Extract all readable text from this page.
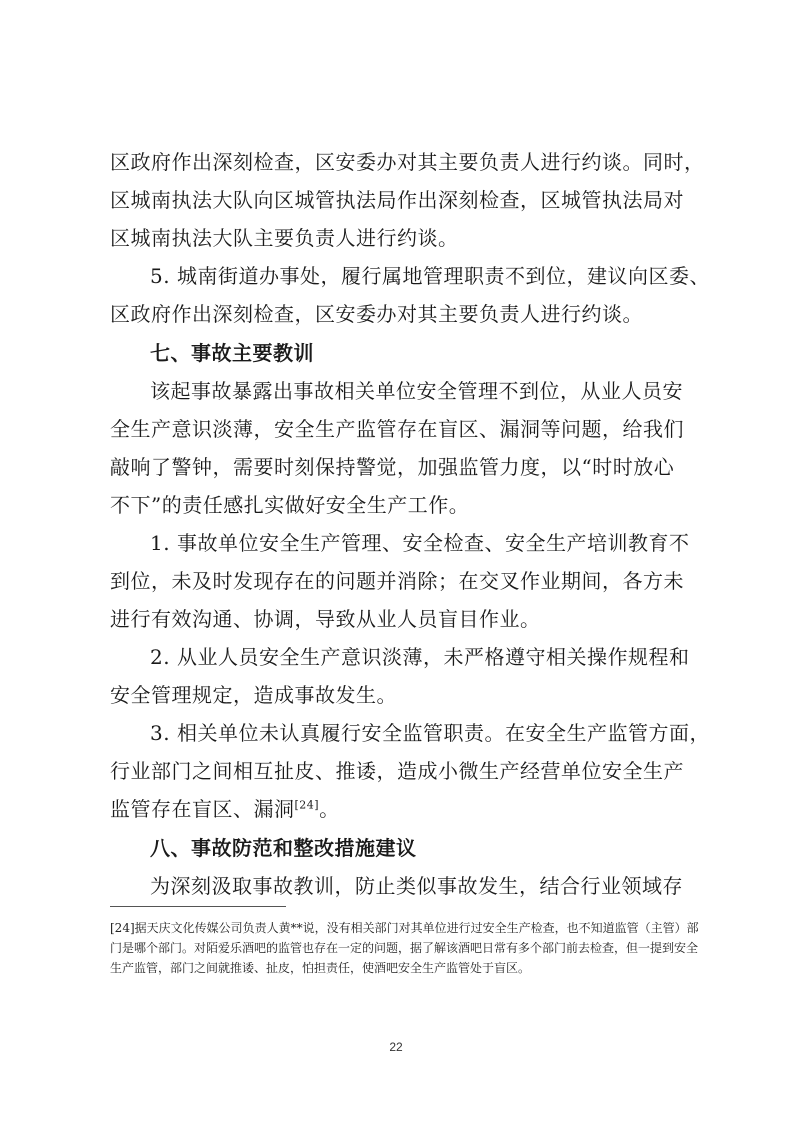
区政府作出深刻检查，区安委办对其主要负责人进行约谈。同时，
区城南执法大队向区城管执法局作出深刻检查，区城管执法局对
区城南执法大队主要负责人进行约谈。
5. 城南街道办事处，履行属地管理职责不到位，建议向区委、
区政府作出深刻检查，区安委办对其主要负责人进行约谈。
七、事故主要教训
该起事故暴露出事故相关单位安全管理不到位，从业人员安
全生产意识淡薄，安全生产监管存在盲区、漏洞等问题，给我们
敲响了警钟，需要时刻保持警觉，加强监管力度，以“时时放心
不下”的责任感扎实做好安全生产工作。
1. 事故单位安全生产管理、安全检查、安全生产培训教育不
到位，未及时发现存在的问题并消除；在交叉作业期间，各方未
进行有效沟通、协调，导致从业人员盲目作业。
2. 从业人员安全生产意识淡薄，未严格遵守相关操作规程和
安全管理规定，造成事故发生。
3. 相关单位未认真履行安全监管职责。在安全生产监管方面，
行业部门之间相互扯皮、推诿，造成小微生产经营单位安全生产
监管存在盲区、漏洞[24]。
八、事故防范和整改措施建议
为深刻汲取事故教训，防止类似事故发生，结合行业领域存
[24]据天庆文化传媒公司负责人黄**说，没有相关部门对其单位进行过安全生产检查，也不知道监管（主管）部
门是哪个部门。对陌爱乐酒吧的监管也存在一定的问题，据了解该酒吧日常有多个部门前去检查，但一提到安全
生产监管，部门之间就推诿、扯皮，怕担责任，使酒吧安全生产监管处于盲区。
22
